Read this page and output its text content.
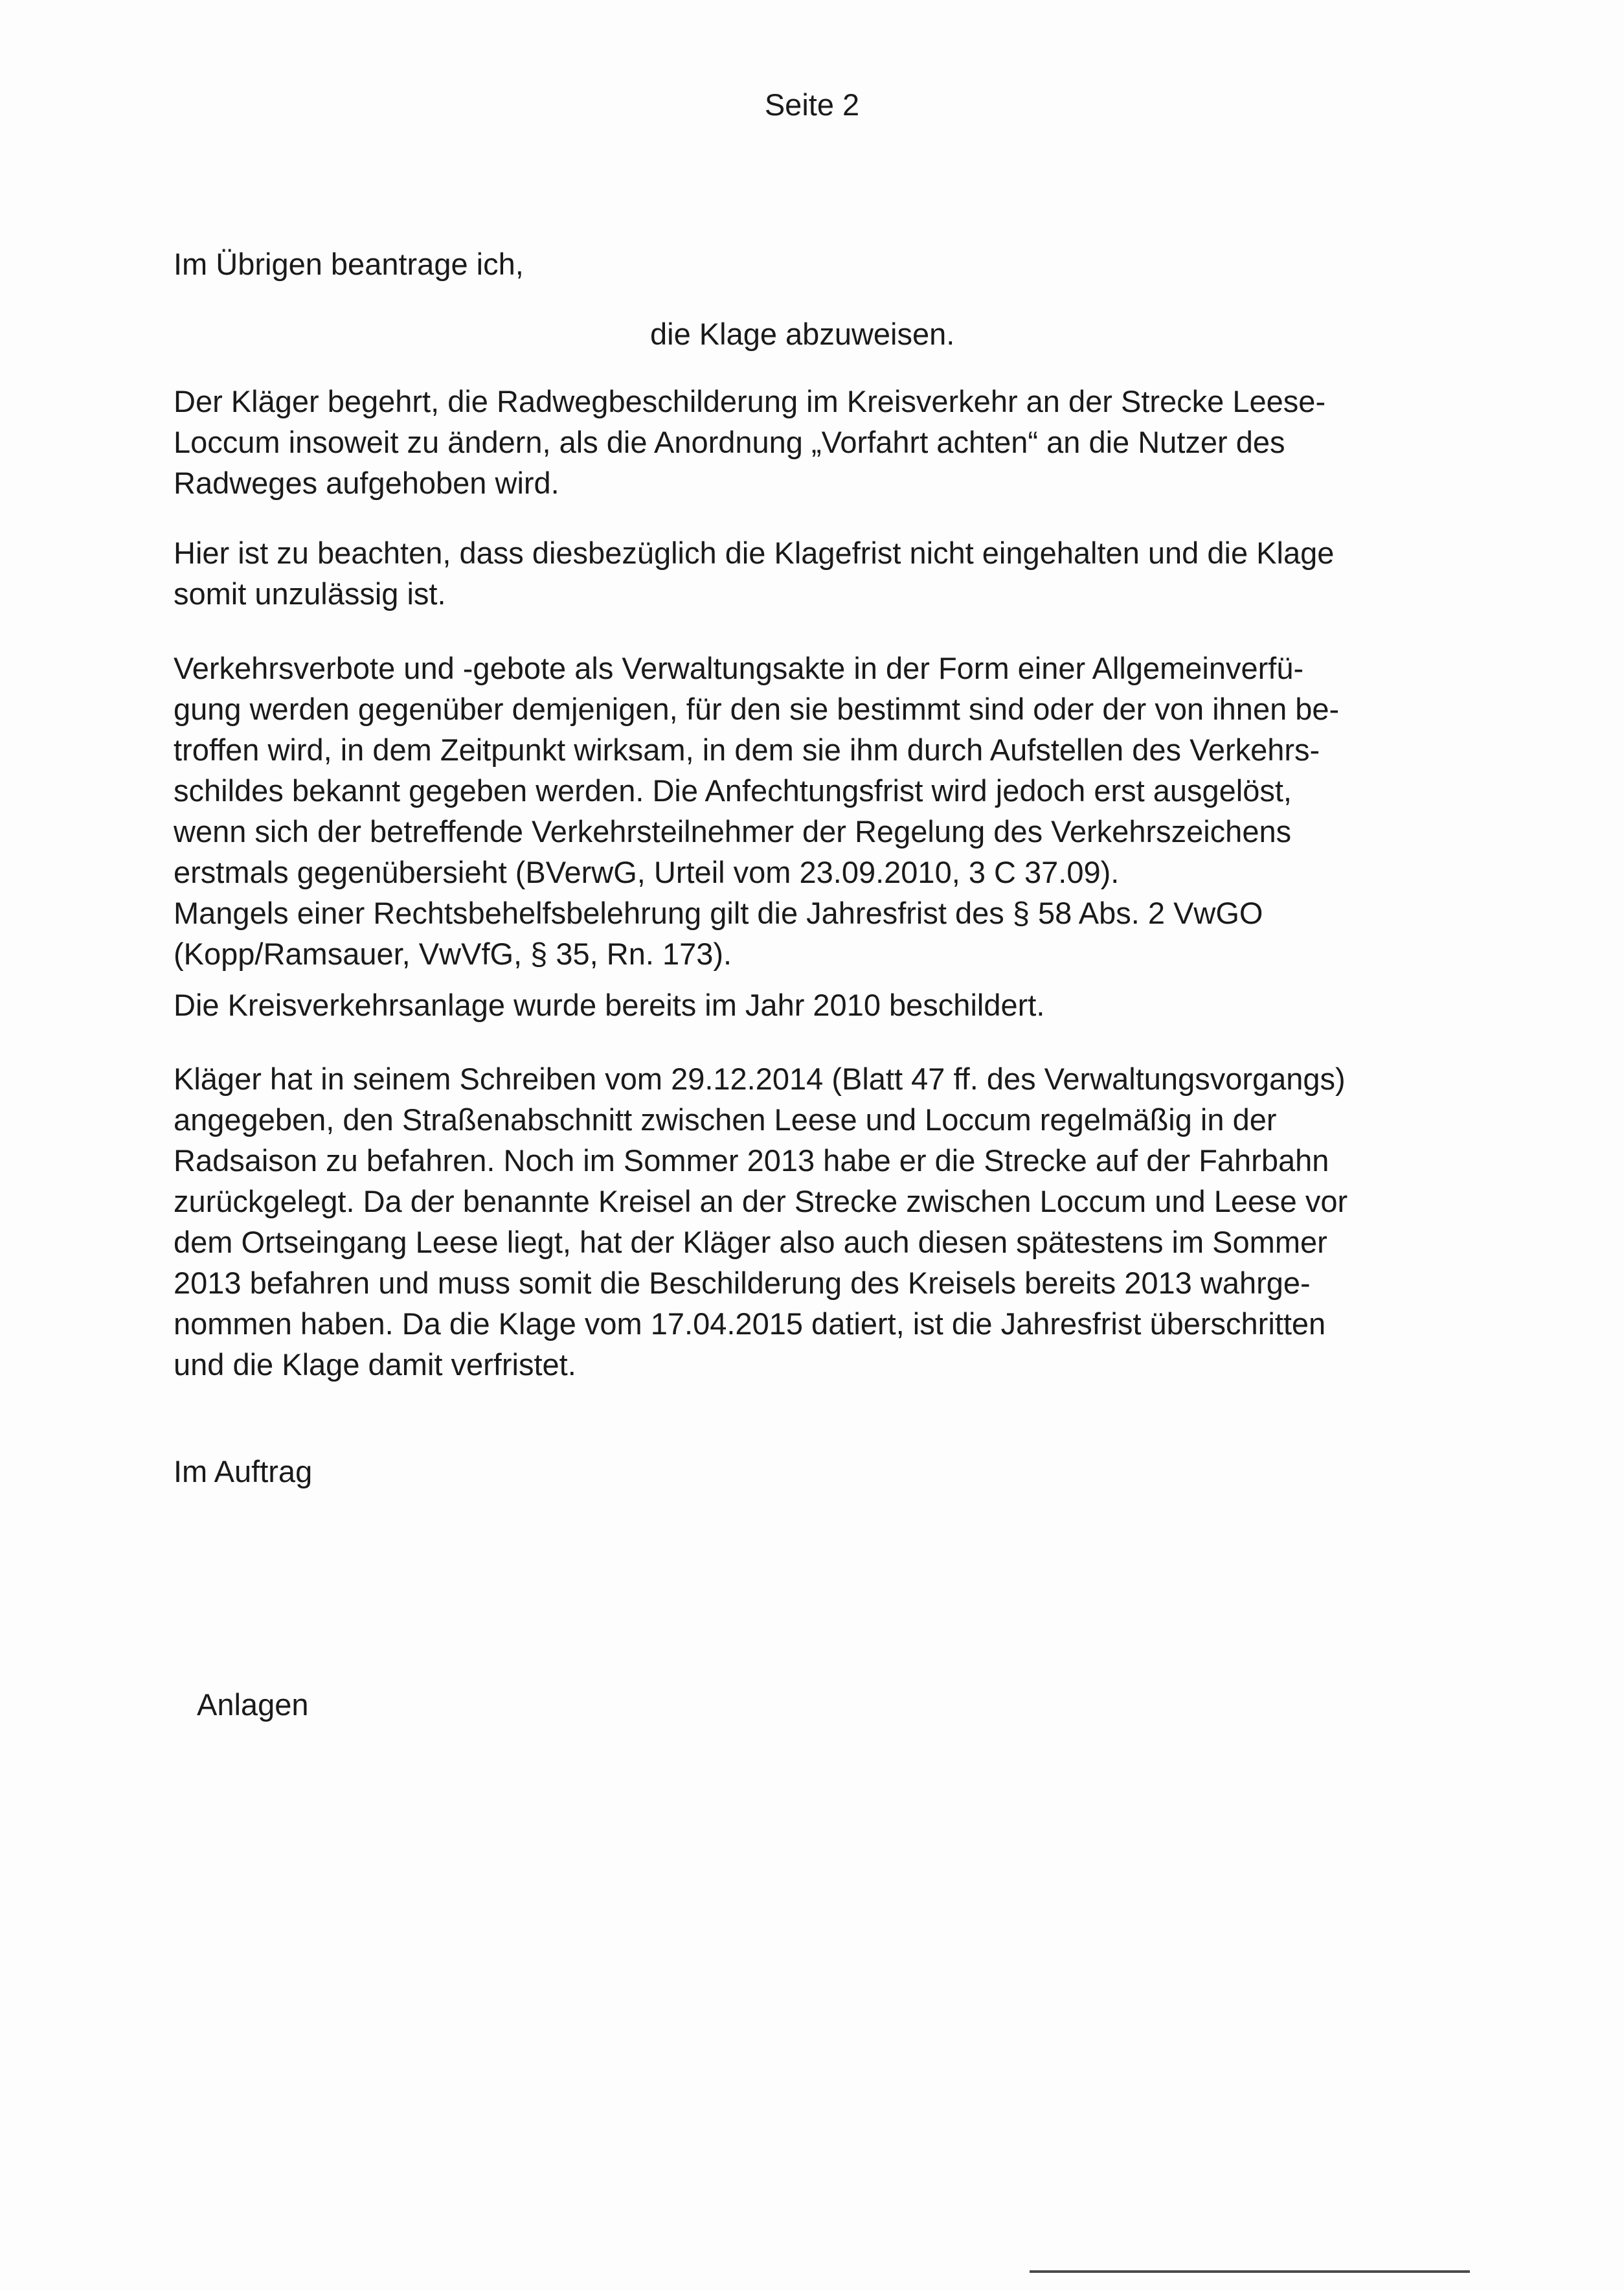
Seite 2

Im Übrigen beantrage ich,

die Klage abzuweisen.

Der Kläger begehrt, die Radwegbeschilderung im Kreisverkehr an der Strecke Leese-

Loccum insoweit zu ändern, als die Anordnung „Vorfahrt achten“ an die Nutzer des

Radweges aufgehoben wird.

Hier ist zu beachten, dass diesbezüglich die Klagefrist nicht eingehalten und die Klage

somit unzulässig ist.

Verkehrsverbote und -gebote als Verwaltungsakte in der Form einer Allgemeinverfü-

gung werden gegenüber demjenigen, für den sie bestimmt sind oder der von ihnen be-

troffen wird, in dem Zeitpunkt wirksam, in dem sie ihm durch Aufstellen des Verkehrs-

schildes bekannt gegeben werden. Die Anfechtungsfrist wird jedoch erst ausgelöst,

wenn sich der betreffende Verkehrsteilnehmer der Regelung des Verkehrszeichens

erstmals gegenübersieht (BVerwG, Urteil vom 23.09.2010, 3 C 37.09).

Mangels einer Rechtsbehelfsbelehrung gilt die Jahresfrist des § 58 Abs. 2 VwGO

(Kopp/Ramsauer, VwVfG, § 35, Rn. 173).

Die Kreisverkehrsanlage wurde bereits im Jahr 2010 beschildert.

Kläger hat in seinem Schreiben vom 29.12.2014 (Blatt 47 ff. des Verwaltungsvorgangs)

angegeben, den Straßenabschnitt zwischen Leese und Loccum regelmäßig in der

Radsaison zu befahren. Noch im Sommer 2013 habe er die Strecke auf der Fahrbahn

zurückgelegt. Da der benannte Kreisel an der Strecke zwischen Loccum und Leese vor

dem Ortseingang Leese liegt, hat der Kläger also auch diesen spätestens im Sommer

2013 befahren und muss somit die Beschilderung des Kreisels bereits 2013 wahrge-

nommen haben. Da die Klage vom 17.04.2015 datiert, ist die Jahresfrist überschritten

und die Klage damit verfristet.

Im Auftrag

Anlagen
